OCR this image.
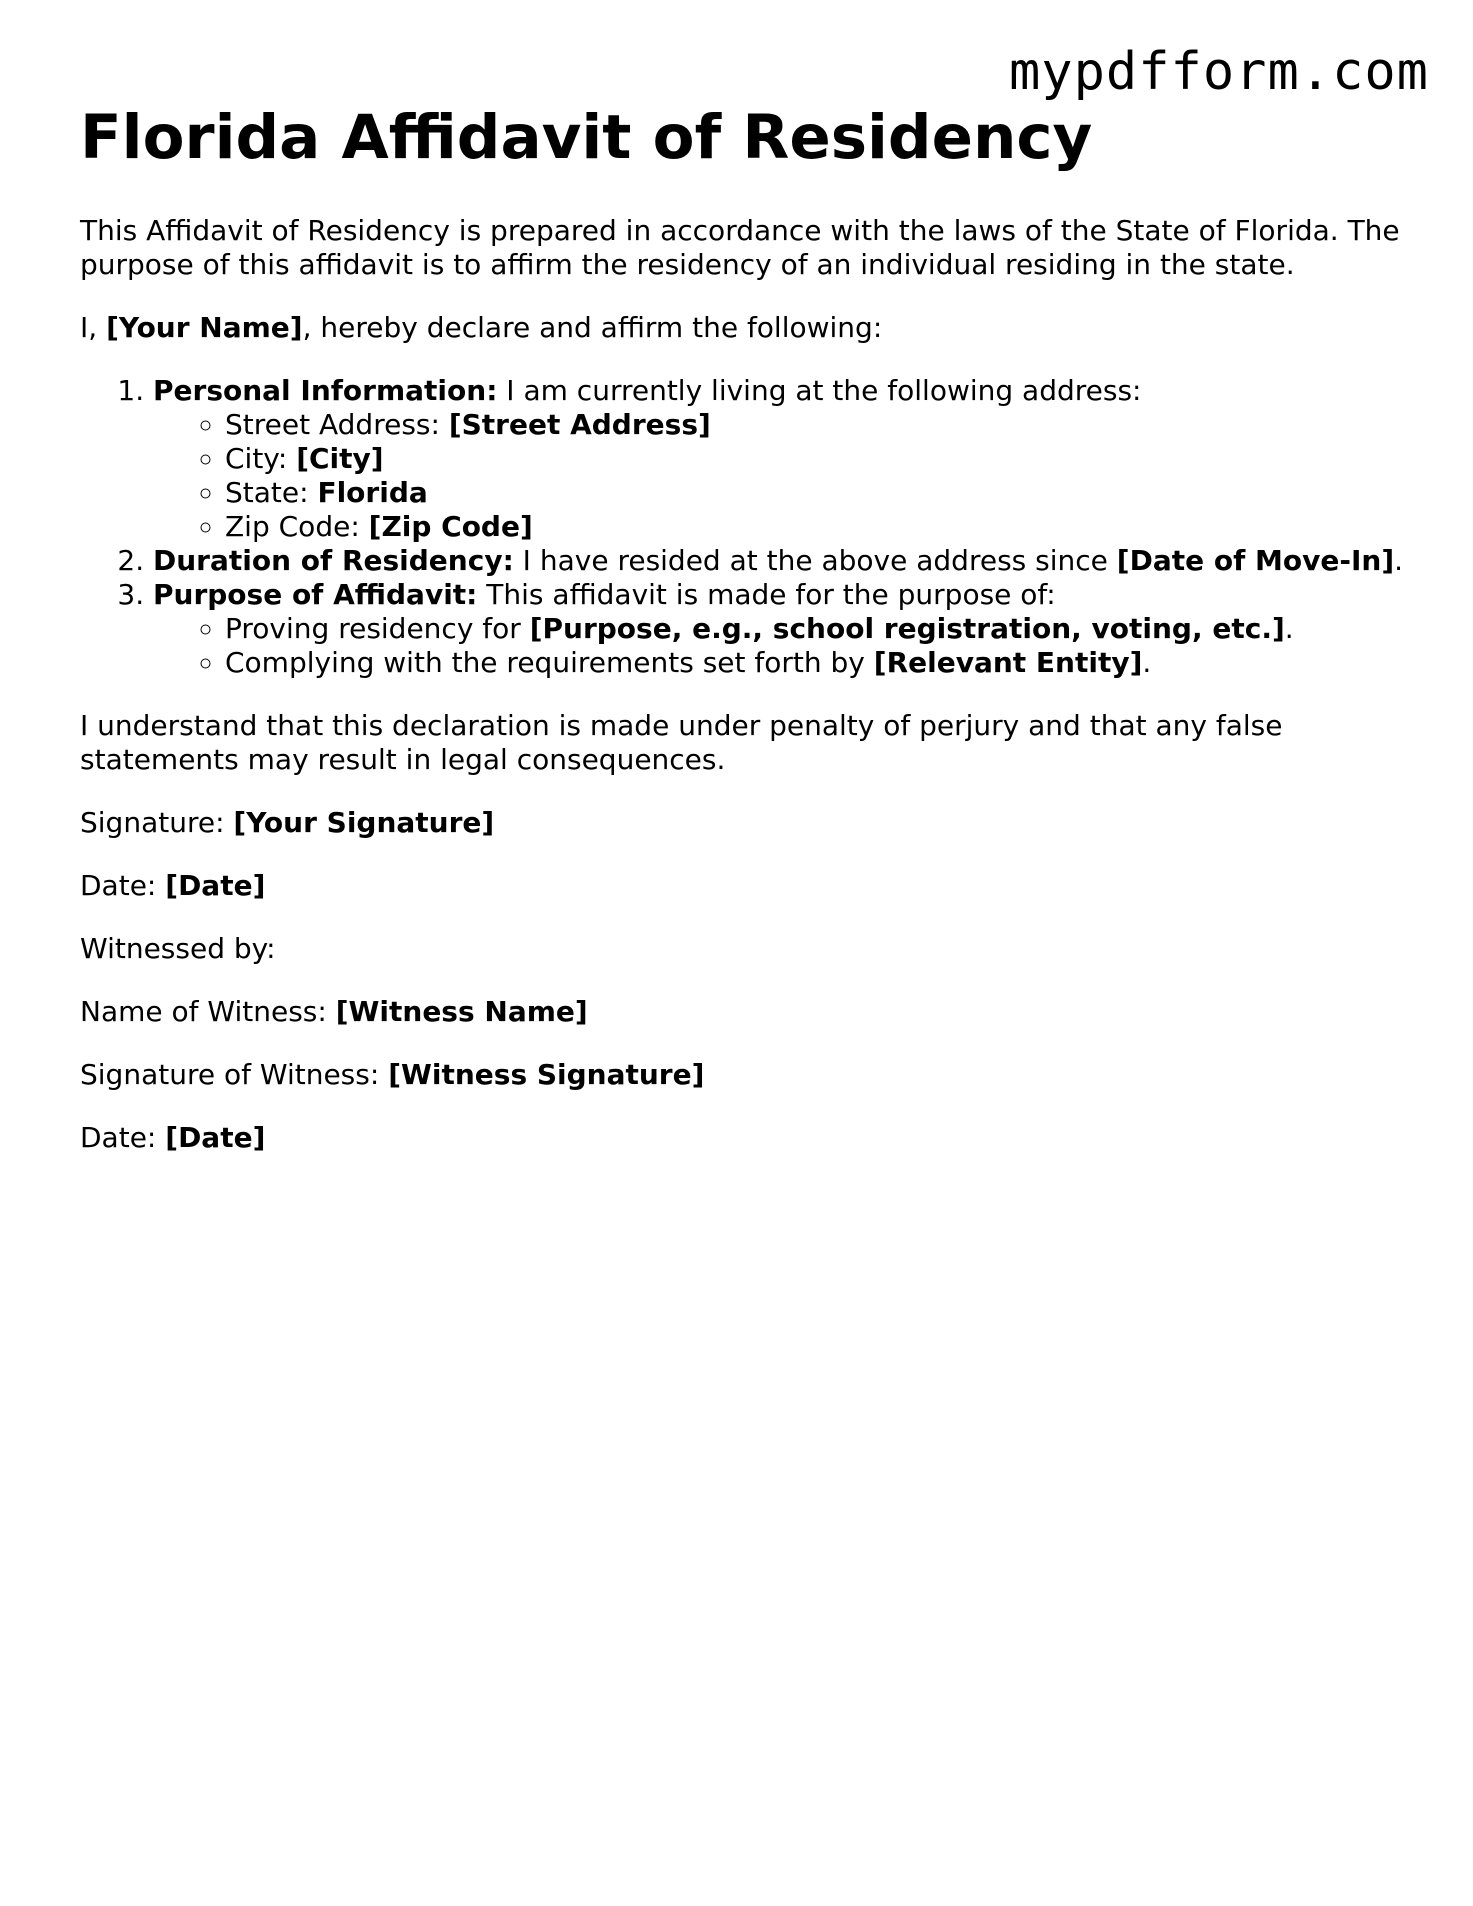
mypdfform.com
Florida Affidavit of Residency

This Affidavit of Residency is prepared in accordance with the laws of the State of Florida. The purpose of this affidavit is to affirm the residency of an individual residing in the state.

I, [Your Name], hereby declare and affirm the following:

1. Personal Information: I am currently living at the following address:
◦ Street Address: [Street Address]
◦ City: [City]
◦ State: Florida
◦ Zip Code: [Zip Code]
2. Duration of Residency: I have resided at the above address since [Date of Move-In].
3. Purpose of Affidavit: This affidavit is made for the purpose of:
◦ Proving residency for [Purpose, e.g., school registration, voting, etc.].
◦ Complying with the requirements set forth by [Relevant Entity].

I understand that this declaration is made under penalty of perjury and that any false statements may result in legal consequences.

Signature: [Your Signature]

Date: [Date]

Witnessed by:

Name of Witness: [Witness Name]

Signature of Witness: [Witness Signature]

Date: [Date]
